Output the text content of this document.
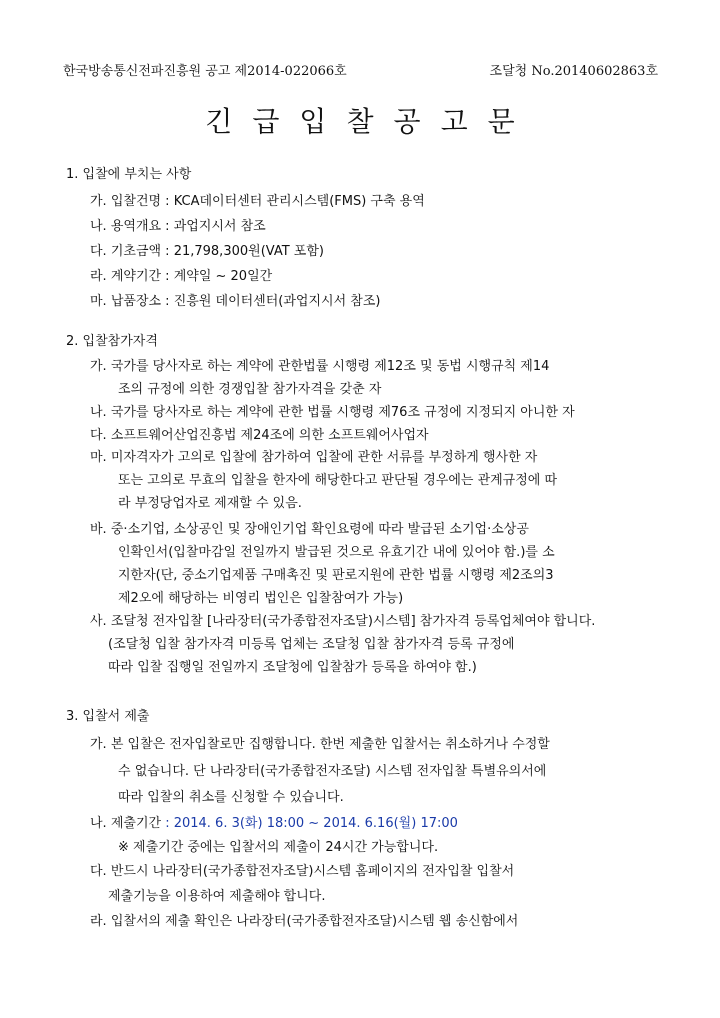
한국방송통신전파진흥원 공고 제2014-022066호	조달청 No.20140602863호
긴급입찰공고문
1. 입찰에 부치는 사항
가. 입찰건명 : KCA데이터센터 관리시스템(FMS) 구축 용역
나. 용역개요 : 과업지시서 참조
다. 기초금액 : 21,798,300원(VAT 포함)
라. 계약기간 : 계약일 ~ 20일간
마. 납품장소 : 진흥원 데이터센터(과업지시서 참조)
2. 입찰참가자격
가. 국가를 당사자로 하는 계약에 관한법률 시행령 제12조 및 동법 시행규칙 제14
조의 규정에 의한 경쟁입찰 참가자격을 갖춘 자
나. 국가를 당사자로 하는 계약에 관한 법률 시행령 제76조 규정에 지정되지 아니한 자
다. 소프트웨어산업진흥법 제24조에 의한 소프트웨어사업자
마. 미자격자가 고의로 입찰에 참가하여 입찰에 관한 서류를 부정하게 행사한 자
또는 고의로 무효의 입찰을 한자에 해당한다고 판단될 경우에는 관계규정에 따
라 부정당업자로 제재할 수 있음.
바. 중·소기업, 소상공인 및 장애인기업 확인요령에 따라 발급된 소기업·소상공
인확인서(입찰마감일 전일까지 발급된 것으로 유효기간 내에 있어야 함.)를 소
지한자(단, 중소기업제품 구매촉진 및 판로지원에 관한 법률 시행령 제2조의3
제2오에 해당하는 비영리 법인은 입찰참여가 가능)
사. 조달청 전자입찰 [나라장터(국가종합전자조달)시스템] 참가자격 등록업체여야 합니다.
(조달청 입찰 참가자격 미등록 업체는 조달청 입찰 참가자격 등록 규정에
따라 입찰 집행일 전일까지 조달청에 입찰참가 등록을 하여야 함.)
3. 입찰서 제출
가. 본 입찰은 전자입찰로만 집행합니다. 한번 제출한 입찰서는 취소하거나 수정할
수 없습니다. 단 나라장터(국가종합전자조달) 시스템 전자입찰 특별유의서에
따라 입찰의 취소를 신청할 수 있습니다.
나. 제출기간 : 2014. 6. 3(화) 18:00 ~ 2014. 6.16(월) 17:00
※ 제출기간 중에는 입찰서의 제출이 24시간 가능합니다.
다. 반드시 나라장터(국가종합전자조달)시스템 홈페이지의 전자입찰 입찰서
제출기능을 이용하여 제출해야 합니다.
라. 입찰서의 제출 확인은 나라장터(국가종합전자조달)시스템 웹 송신함에서
